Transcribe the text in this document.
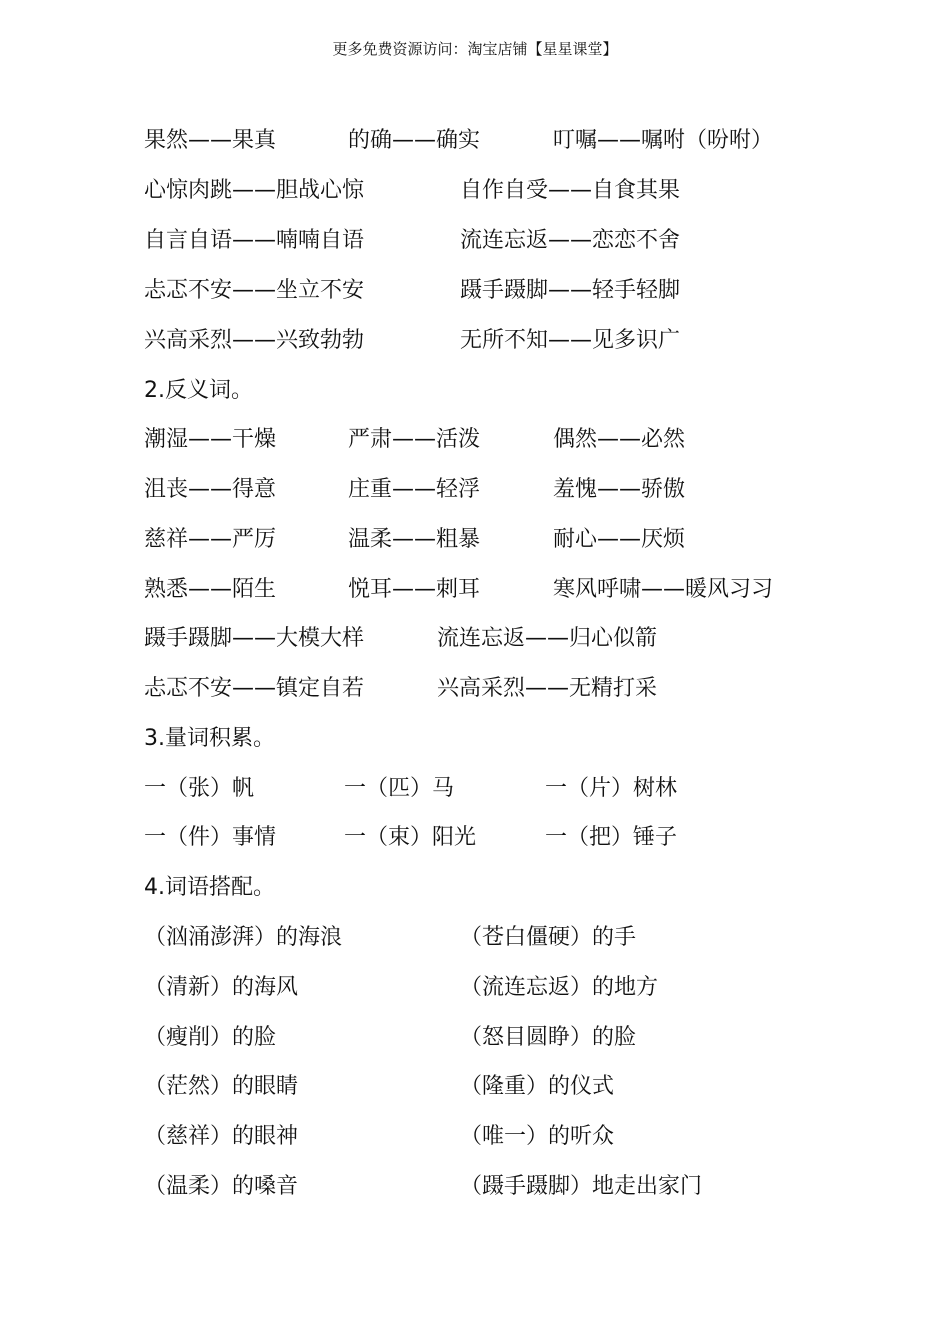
更多免费资源访问：淘宝店铺【星星课堂】
果然——果真	的确——确实	叮嘱——嘱咐（吩咐）
心惊肉跳——胆战心惊	自作自受——自食其果
自言自语——喃喃自语	流连忘返——恋恋不舍
忐忑不安——坐立不安	蹑手蹑脚——轻手轻脚
兴高采烈——兴致勃勃	无所不知——见多识广
2.反义词。
潮湿——干燥	严肃——活泼	偶然——必然
沮丧——得意	庄重——轻浮	羞愧——骄傲
慈祥——严厉	温柔——粗暴	耐心——厌烦
熟悉——陌生	悦耳——刺耳	寒风呼啸——暖风习习
蹑手蹑脚——大模大样	流连忘返——归心似箭
忐忑不安——镇定自若	兴高采烈——无精打采
3.量词积累。
一（张）帆	一（匹）马	一（片）树林
一（件）事情	一（束）阳光	一（把）锤子
4.词语搭配。
（汹涌澎湃）的海浪	（苍白僵硬）的手
（清新）的海风	（流连忘返）的地方
（瘦削）的脸	（怒目圆睁）的脸
（茫然）的眼睛	（隆重）的仪式
（慈祥）的眼神	（唯一）的听众
（温柔）的嗓音	（蹑手蹑脚）地走出家门
